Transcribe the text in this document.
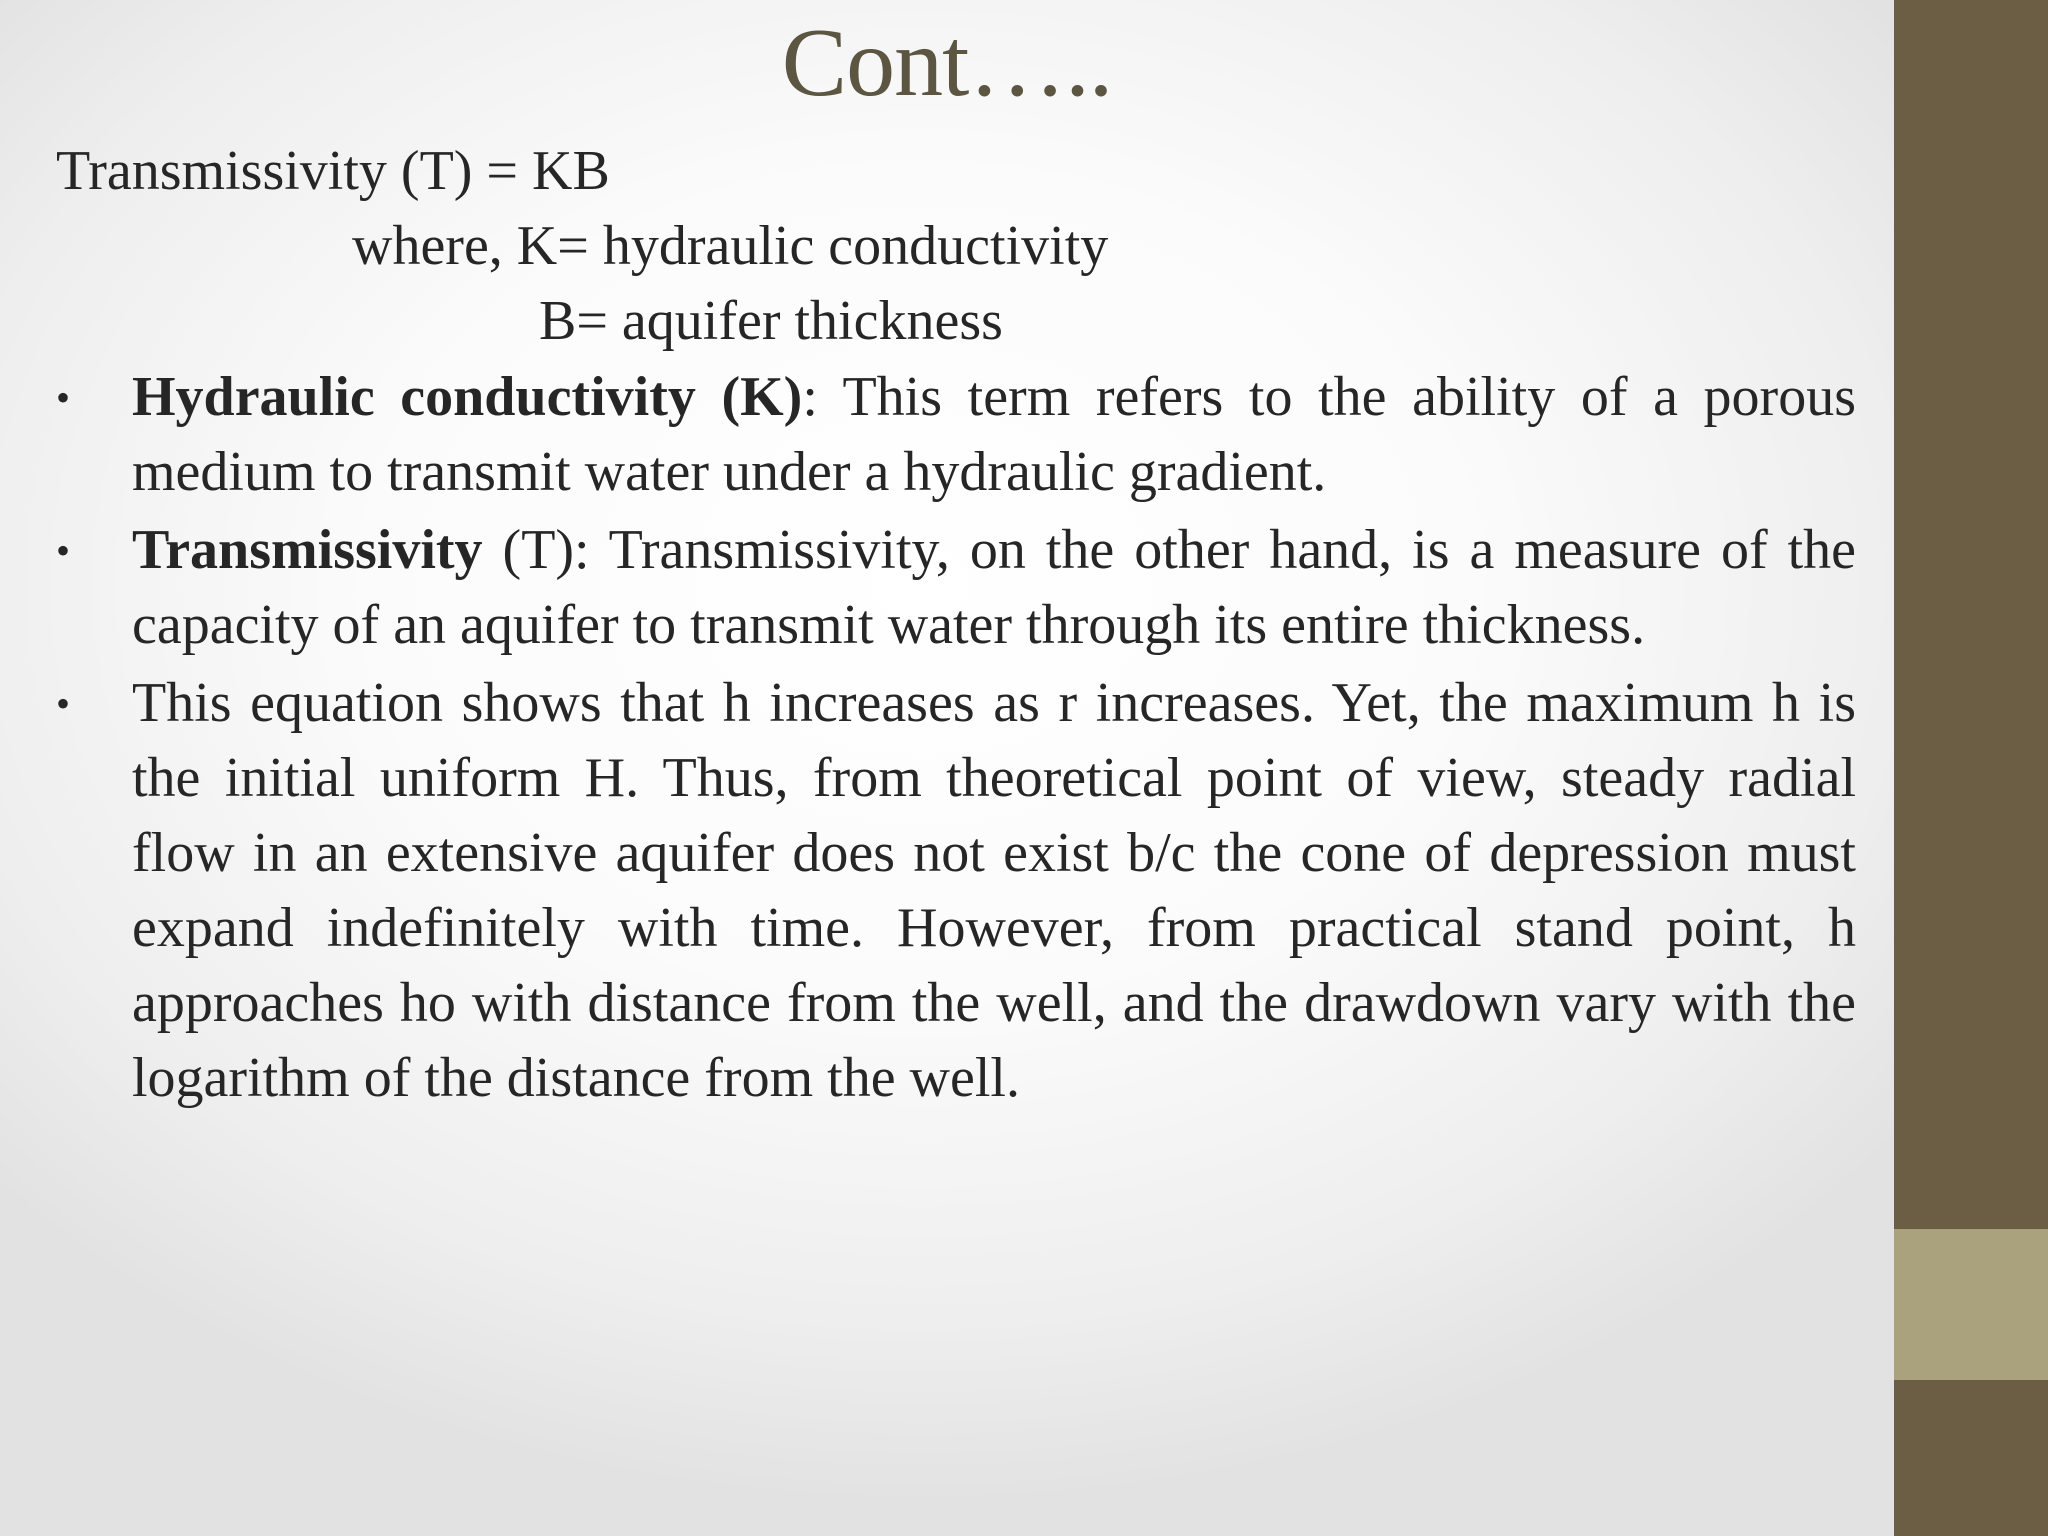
Cont…..
Transmissivity (T) = KB
where, K= hydraulic conductivity
B= aquifer thickness
• Hydraulic conductivity (K): This term refers to the ability of a porous medium to transmit water under a hydraulic gradient.
• Transmissivity (T): Transmissivity, on the other hand, is a measure of the capacity of an aquifer to transmit water through its entire thickness.
• This equation shows that h increases as r increases. Yet, the maximum h is the initial uniform H. Thus, from theoretical point of view, steady radial flow in an extensive aquifer does not exist b/c the cone of depression must expand indefinitely with time. However, from practical stand point, h approaches ho with distance from the well, and the drawdown vary with the logarithm of the distance from the well.
